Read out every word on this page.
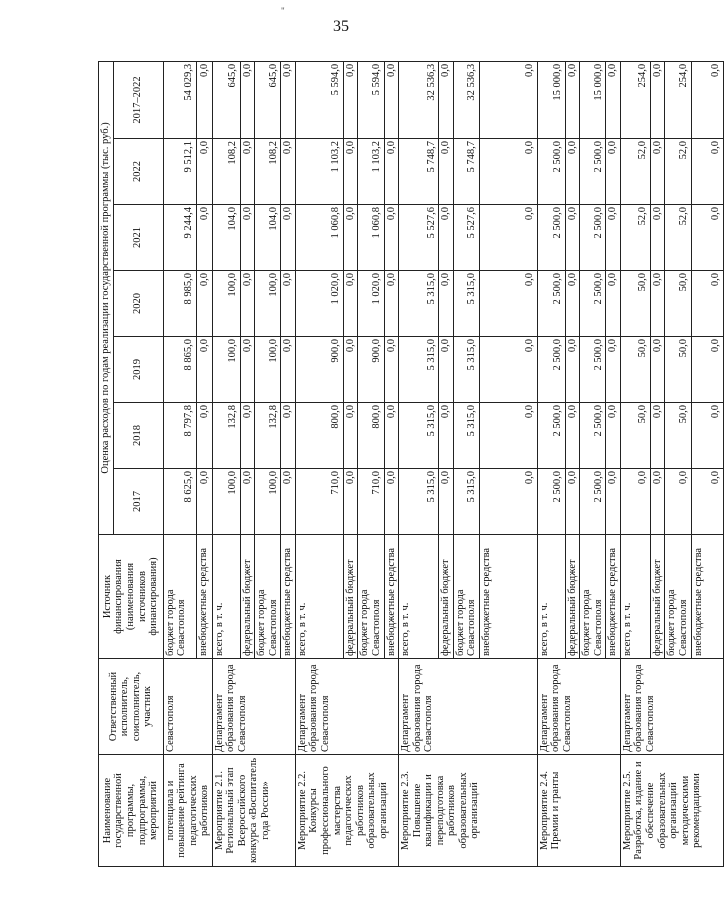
"
35
Наименование государственной программы, подпрограммы, мероприятий	Ответственный исполнитель, соисполнитель, участник	Источник финансирования (наименования источников финансирования)	Оценка расходов по годам реализации государственной программы (тыс. руб.)						
			2017	2018	2019	2020	2021	2022	2017–2022
потенциала и повышение рейтинга педагогических работников	Севастополя	бюджет города Севастополя	8 625,0	8 797,8	8 865,0	8 985,0	9 244,4	9 512,1	54 029,3
		внебюджетные средства	0,0	0,0	0,0	0,0	0,0	0,0	0,0
Мероприятие 2.1. Региональный этап Всероссийского конкурса «Воспитатель года России»	Департамент образования города Севастополя	всего, в т. ч.	100,0	132,8	100,0	100,0	104,0	108,2	645,0
		федеральный бюджет	0,0	0,0	0,0	0,0	0,0	0,0	0,0
		бюджет города Севастополя	100,0	132,8	100,0	100,0	104,0	108,2	645,0
		внебюджетные средства	0,0	0,0	0,0	0,0	0,0	0,0	0,0
Мероприятие 2.2. Конкурсы профессионального мастерства педагогических работников образовательных организаций	Департамент образования города Севастополя	всего, в т. ч.	710,0	800,0	900,0	1 020,0	1 060,8	1 103,2	5 594,0
		федеральный бюджет	0,0	0,0	0,0	0,0	0,0	0,0	0,0
		бюджет города Севастополя	710,0	800,0	900,0	1 020,0	1 060,8	1 103,2	5 594,0
		внебюджетные средства	0,0	0,0	0,0	0,0	0,0	0,0	0,0
Мероприятие 2.3. Повышение квалификации и переподготовка работников образовательных организаций	Департамент образования города Севастополя	всего, в т. ч.	5 315,0	5 315,0	5 315,0	5 315,0	5 527,6	5 748,7	32 536,3
		федеральный бюджет	0,0	0,0	0,0	0,0	0,0	0,0	0,0
		бюджет города Севастополя	5 315,0	5 315,0	5 315,0	5 315,0	5 527,6	5 748,7	32 536,3
		внебюджетные средства	0,0	0,0	0,0	0,0	0,0	0,0	0,0
Мероприятие 2.4. Премии и гранты	Департамент образования города Севастополя	всего, в т. ч.	2 500,0	2 500,0	2 500,0	2 500,0	2 500,0	2 500,0	15 000,0
		федеральный бюджет	0,0	0,0	0,0	0,0	0,0	0,0	0,0
		бюджет города Севастополя	2 500,0	2 500,0	2 500,0	2 500,0	2 500,0	2 500,0	15 000,0
		внебюджетные средства	0,0	0,0	0,0	0,0	0,0	0,0	0,0
Мероприятие 2.5. Разработка, издание и обеспечение образовательных организаций методическими рекомендациями	Департамент образования города Севастополя	всего, в т. ч.	0,0	50,0	50,0	50,0	52,0	52,0	254,0
		федеральный бюджет	0,0	0,0	0,0	0,0	0,0	0,0	0,0
		бюджет города Севастополя	0,0	50,0	50,0	50,0	52,0	52,0	254,0
		внебюджетные средства	0,0	0,0	0,0	0,0	0,0	0,0	0,0
